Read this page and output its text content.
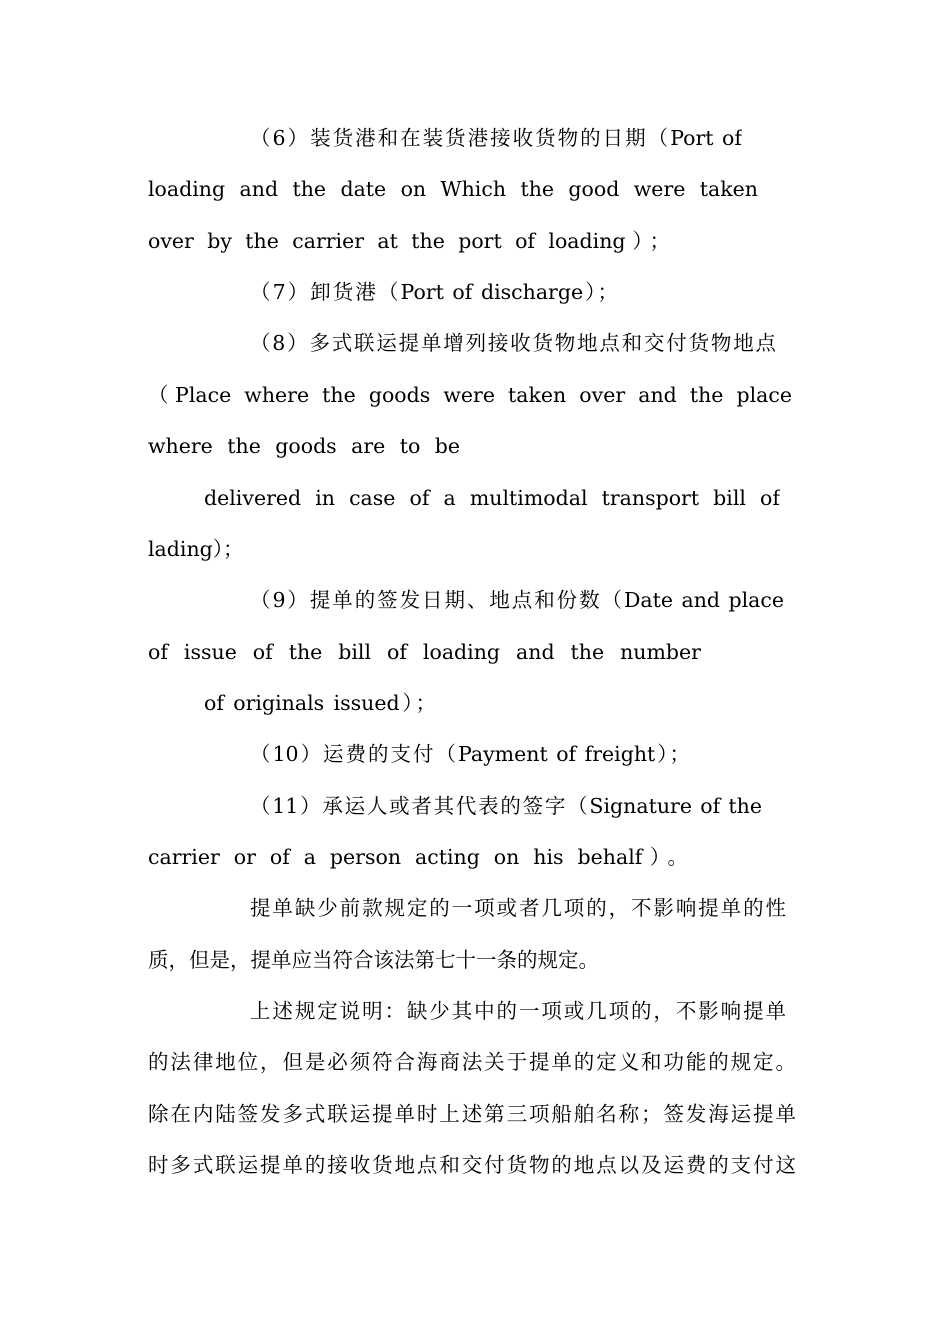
（6）装货港和在装货港接收货物的日期（Port of
loading and the date on Which the good were taken
over by the carrier at the port of loading）；
（7）卸货港（Port of discharge）；
（8）多式联运提单增列接收货物地点和交付货物地点
（Place where the goods were taken over and the place
where the goods are to be
delivered in case of a multimodal transport bill of
lading）；
（9）提单的签发日期、地点和份数（Date and place
of issue of the bill of loading and the number
of originals issued）；
（10）运费的支付（Payment of freight）；
（11）承运人或者其代表的签字（Signature of the
carrier or of a person acting on his behalf）。
提单缺少前款规定的一项或者几项的，不影响提单的性
质，但是，提单应当符合该法第七十一条的规定。
上述规定说明：缺少其中的一项或几项的，不影响提单
的法律地位，但是必须符合海商法关于提单的定义和功能的规定。
除在内陆签发多式联运提单时上述第三项船舶名称；签发海运提单
时多式联运提单的接收货地点和交付货物的地点以及运费的支付这
